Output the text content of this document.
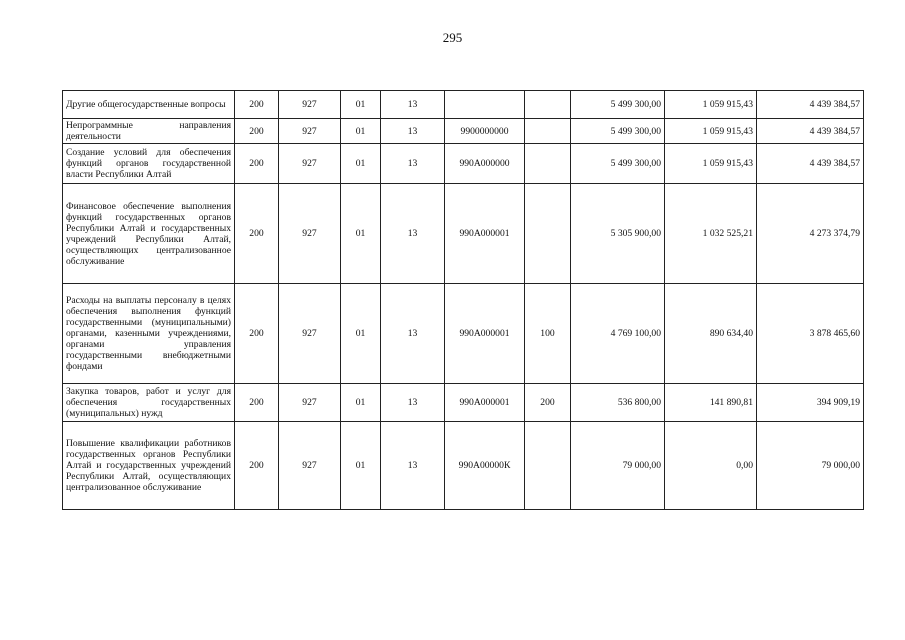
295
Другие общегосударственные вопросы	200	927	01	13			5 499 300,00	1 059 915,43	4 439 384,57
Непрограммные направления деятельности	200	927	01	13	9900000000		5 499 300,00	1 059 915,43	4 439 384,57
Создание условий для обеспечения функций органов государственной власти Республики Алтай	200	927	01	13	990А000000		5 499 300,00	1 059 915,43	4 439 384,57
Финансовое обеспечение выполнения функций государственных органов Республики Алтай и государственных учреждений Республики Алтай, осуществляющих централизованное обслуживание	200	927	01	13	990А000001		5 305 900,00	1 032 525,21	4 273 374,79
Расходы на выплаты персоналу в целях обеспечения выполнения функций государственными (муниципальными) органами, казенными учреждениями, органами управления государственными внебюджетными фондами	200	927	01	13	990А000001	100	4 769 100,00	890 634,40	3 878 465,60
Закупка товаров, работ и услуг для обеспечения государственных (муниципальных) нужд	200	927	01	13	990А000001	200	536 800,00	141 890,81	394 909,19
Повышение квалификации работников государственных органов Республики Алтай и государственных учреждений Республики Алтай, осуществляющих централизованное обслуживание	200	927	01	13	990А00000К		79 000,00	0,00	79 000,00
